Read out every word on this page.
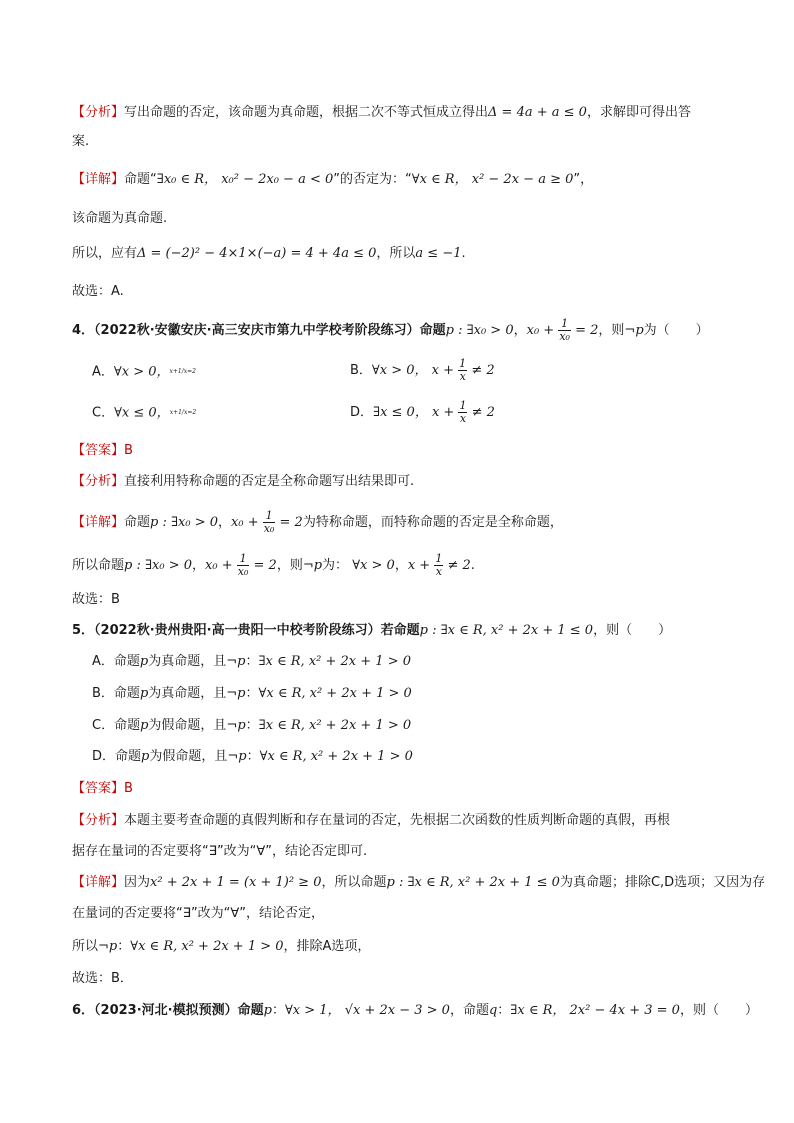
【分析】写出命题的否定，该命题为真命题，根据二次不等式恒成立得出Δ = 4a + a ≤ 0，求解即可得出答
案.
【详解】命题“∃x₀ ∈ R， x₀² − 2x₀ − a < 0”的否定为：“∀x ∈ R， x² − 2x − a ≥ 0”，
该命题为真命题.
所以，应有Δ = (−2)² − 4×1×(−a) = 4 + 4a ≤ 0，所以a ≤ −1.
故选：A.
4．（2022秋·安徽安庆·高三安庆市第九中学校考阶段练习）命题p : ∃x₀ > 0，$x_0 + \frac{1}{\text{x₀}} = 2$，则¬p为（　　）
A．∀x > 0，x+1/x=2	B．∀x > 0， $x + \frac{1}{x} \ne 2$
C．∀x ≤ 0，x+1/x=2	D．∃x ≤ 0， $x + \frac{1}{x} \ne 2$
【答案】B
【分析】直接利用特称命题的否定是全称命题写出结果即可.
【详解】命题p : ∃x₀ > 0，$x_0 + \frac{1}{\text{x₀}} = 2$为特称命题，而特称命题的否定是全称命题，
所以命题p : ∃x₀ > 0，$x_0 + \frac{1}{\text{x₀}} = 2$，则¬p为： ∀x > 0，$x + \frac{1}{x} \ne 2$.
故选：B
5．（2022秋·贵州贵阳·高一贵阳一中校考阶段练习）若命题p : ∃x ∈ R, x² + 2x + 1 ≤ 0，则（　　）
A．命题p为真命题，且¬p：∃x ∈ R, x² + 2x + 1 > 0
B．命题p为真命题，且¬p：∀x ∈ R, x² + 2x + 1 > 0
C．命题p为假命题，且¬p：∃x ∈ R, x² + 2x + 1 > 0
D．命题p为假命题，且¬p：∀x ∈ R, x² + 2x + 1 > 0
【答案】B
【分析】本题主要考查命题的真假判断和存在量词的否定，先根据二次函数的性质判断命题的真假，再根
据存在量词的否定要将“∃”改为“∀”，结论否定即可.
【详解】因为x² + 2x + 1 = (x + 1)² ≥ 0，所以命题p : ∃x ∈ R, x² + 2x + 1 ≤ 0为真命题；排除C,D选项；又因为存
在量词的否定要将“∃”改为“∀”，结论否定，
所以¬p：∀x ∈ R, x² + 2x + 1 > 0，排除A选项，
故选：B．
6．（2023·河北·模拟预测）命题p：∀x > 1， √x + 2x − 3 > 0，命题q：∃x ∈ R， 2x² − 4x + 3 = 0，则（　　）
